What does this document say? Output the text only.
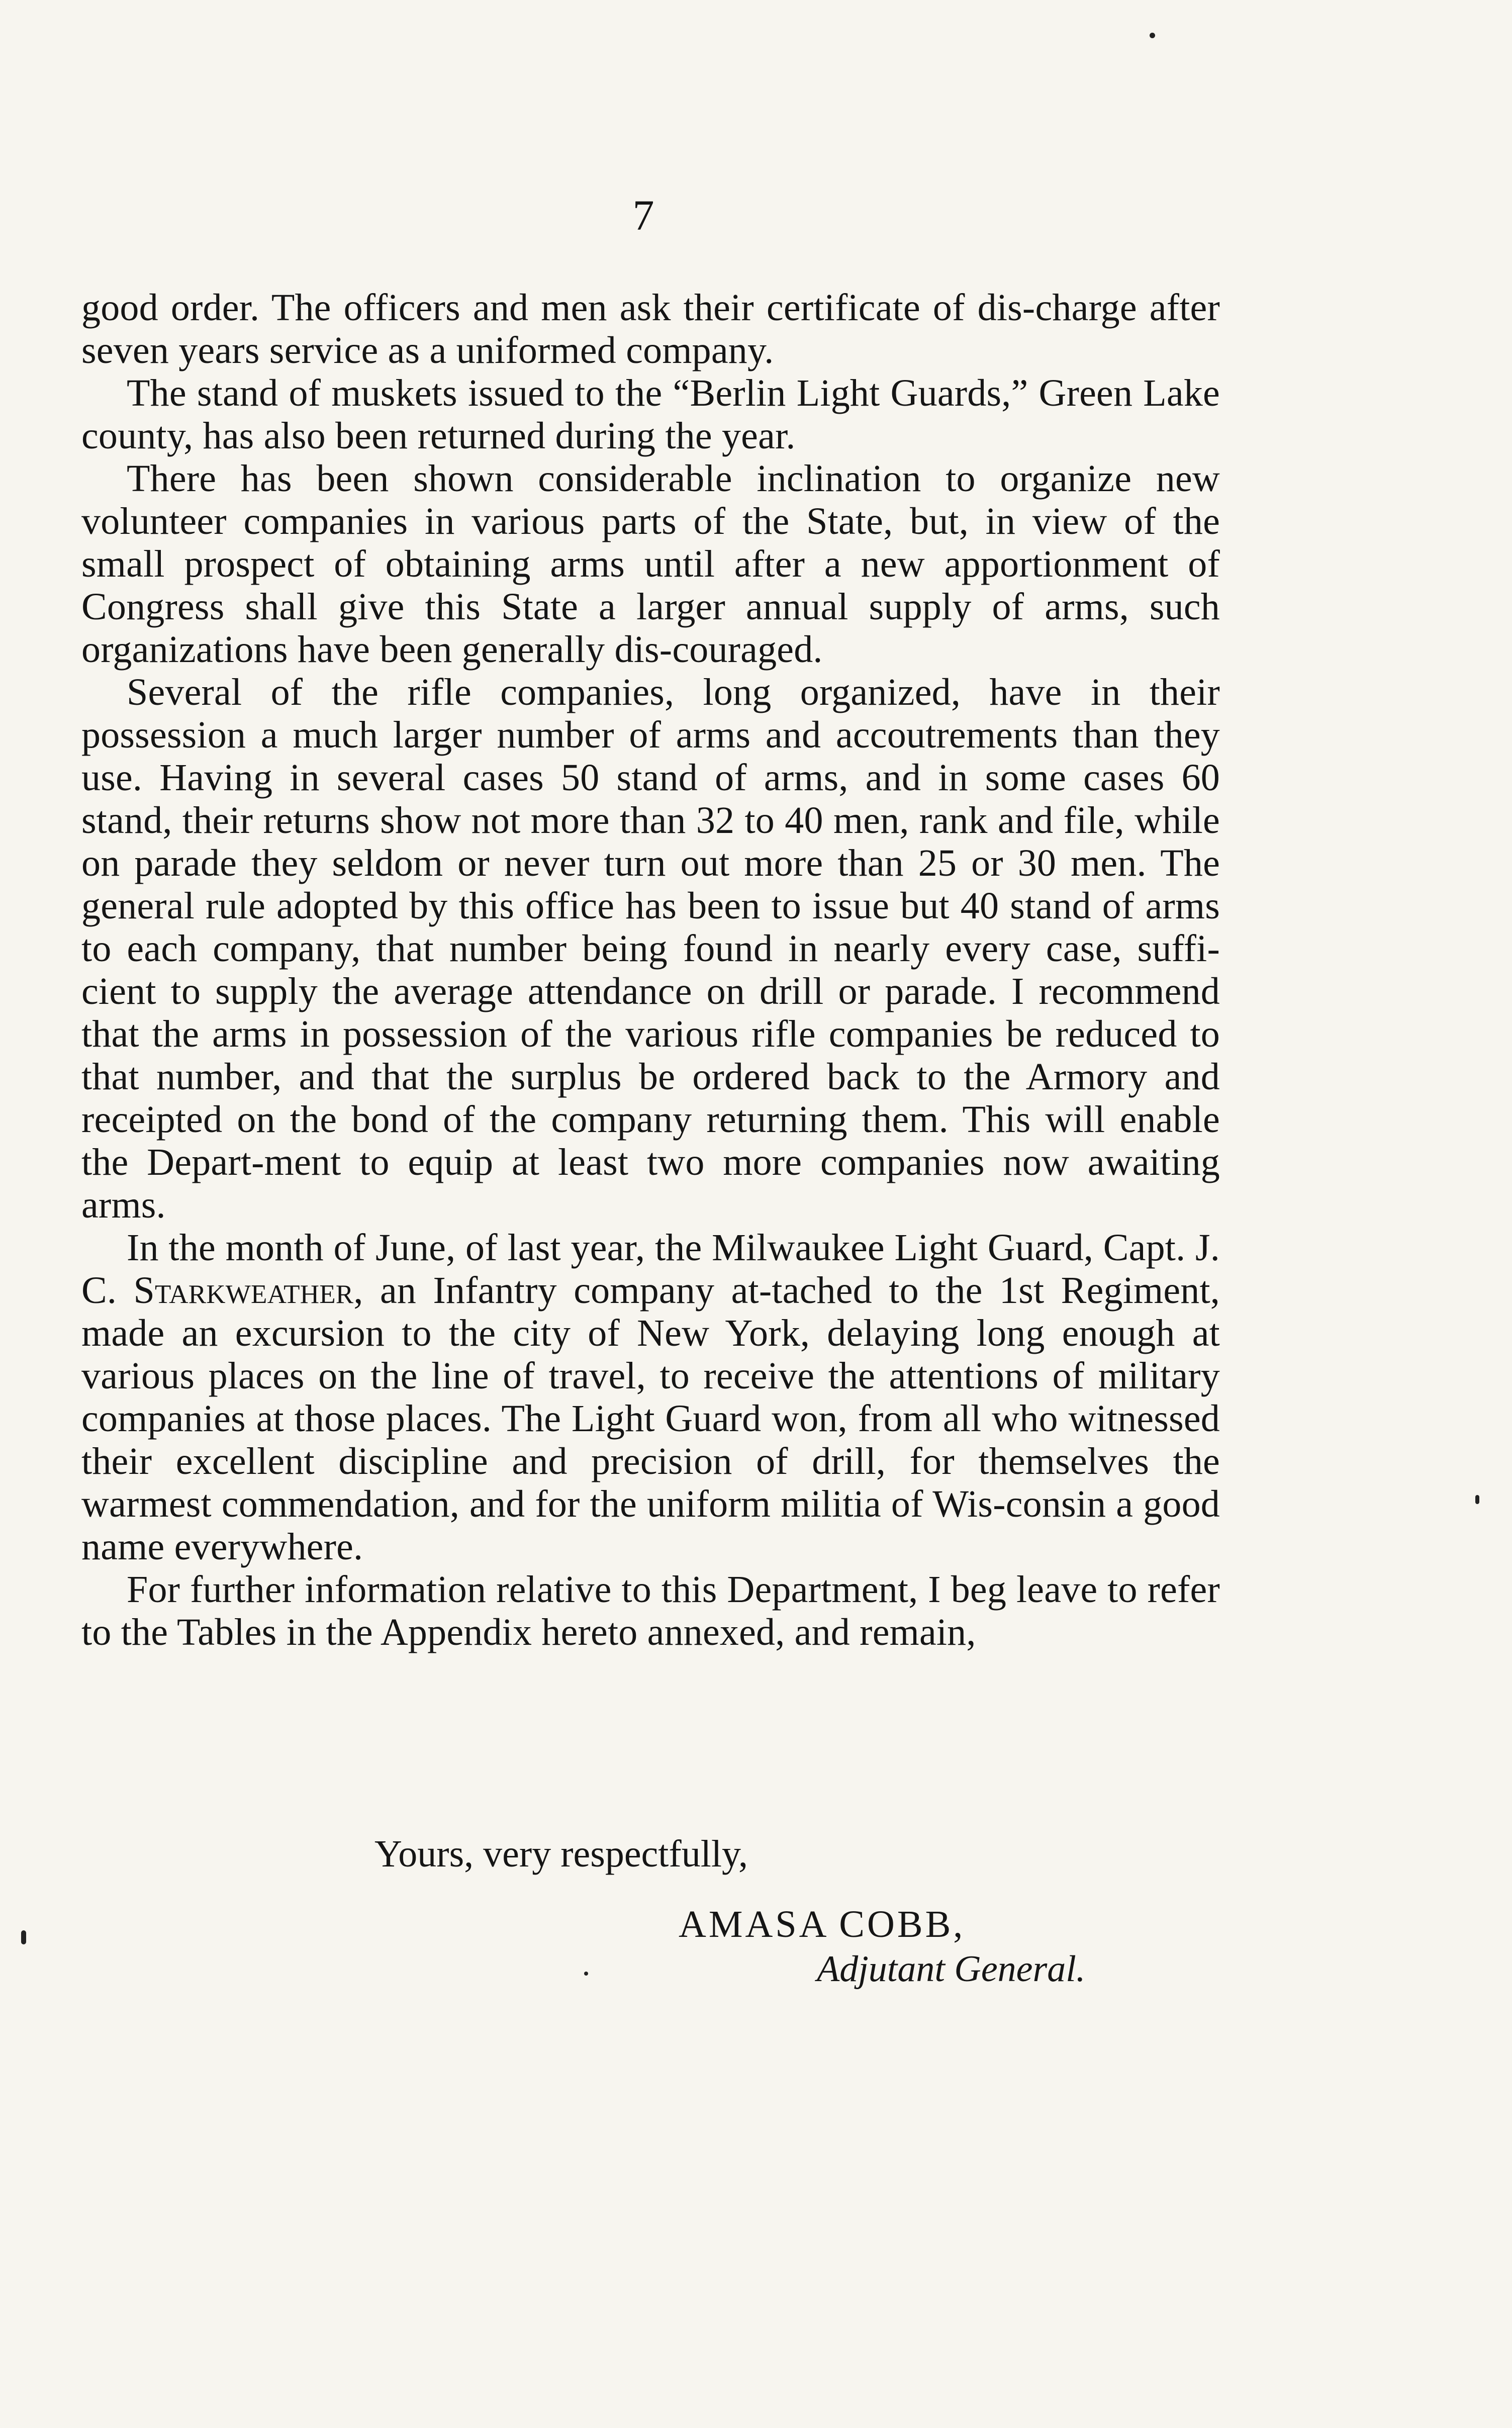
7

good order. The officers and men ask their certificate of dis-charge after seven years service as a uniformed company.

The stand of muskets issued to the “Berlin Light Guards,” Green Lake county, has also been returned during the year.

There has been shown considerable inclination to organize new volunteer companies in various parts of the State, but, in view of the small prospect of obtaining arms until after a new apportionment of Congress shall give this State a larger annual supply of arms, such organizations have been generally dis-couraged.

Several of the rifle companies, long organized, have in their possession a much larger number of arms and accoutrements than they use. Having in several cases 50 stand of arms, and in some cases 60 stand, their returns show not more than 32 to 40 men, rank and file, while on parade they seldom or never turn out more than 25 or 30 men. The general rule adopted by this office has been to issue but 40 stand of arms to each company, that number being found in nearly every case, suffi-cient to supply the average attendance on drill or parade. I recommend that the arms in possession of the various rifle companies be reduced to that number, and that the surplus be ordered back to the Armory and receipted on the bond of the company returning them. This will enable the Depart-ment to equip at least two more companies now awaiting arms.

In the month of June, of last year, the Milwaukee Light Guard, Capt. J. C. Starkweather, an Infantry company at-tached to the 1st Regiment, made an excursion to the city of New York, delaying long enough at various places on the line of travel, to receive the attentions of military companies at those places. The Light Guard won, from all who witnessed their excellent discipline and precision of drill, for themselves the warmest commendation, and for the uniform militia of Wis-consin a good name everywhere.

For further information relative to this Department, I beg leave to refer to the Tables in the Appendix hereto annexed, and remain,

Yours, very respectfully,
AMASA COBB,
Adjutant General.
